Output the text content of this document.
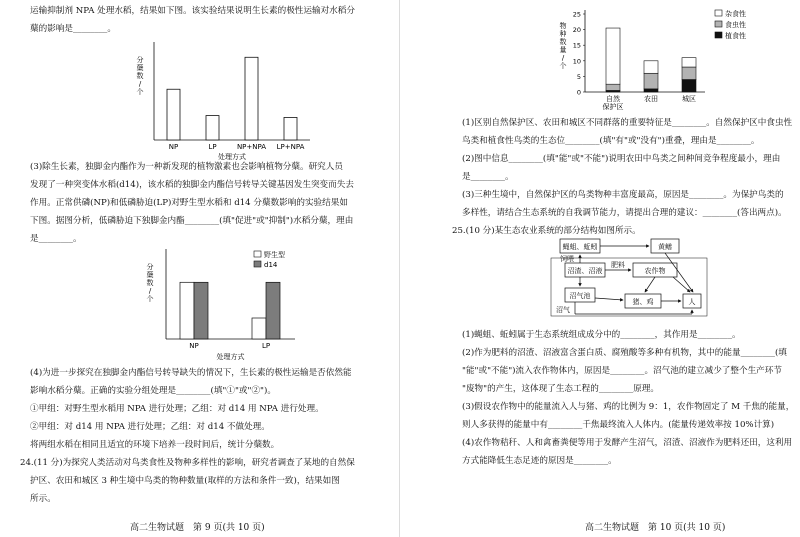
运输抑制剂 NPA 处理水稻，结果如下图。该实验结果说明生长素的极性运输对水稻分
蘖的影响是________。
分
蘖
数
/
个
NP	LP	NP+NPA LP+NPA
处理方式
(3)除生长素，独脚金内酯作为一种新发现的植物激素也会影响植物分蘖。研究人员
发现了一种突变体水稻(d14)，该水稻的独脚金内酯信号转导关键基因发生突变而失去
作用。正常供磷(NP)和低磷胁迫(LP)对野生型水稻和 d14 分蘖数影响的实验结果如
下图。据图分析，低磷胁迫下独脚金内酯________(填"促进"或"抑制")水稻分蘖，理由
是________。
分
蘖
数
/
个
野生型
d14
NP	LP
处理方式
(4)为进一步探究在独脚金内酯信号转导缺失的情况下，生长素的极性运输是否依然能
影响水稻分蘖。正确的实验分组处理是________(填"①"或"②")。
①甲组：对野生型水稻用 NPA 进行处理；乙组：对 d14 用 NPA 进行处理。
②甲组：对 d14 用 NPA 进行处理；乙组：对 d14 不做处理。
将两组水稻在相同且适宜的环境下培养一段时间后，统计分蘖数。
24.(11 分)为探究人类活动对鸟类食性及物种多样性的影响，研究者调查了某地的自然保
护区、农田和城区 3 种生境中鸟类的物种数量(取样的方法和条件一致)，结果如图
所示。
高二生物试题　第 9 页(共 10 页)
0
5
10
15
20
25
物
种
数
量
/
个
杂食性
食虫性
植食性
自然
保护区
农田	城区
(1)区别自然保护区、农田和城区不同群落的重要特征是________。自然保护区中食虫性
鸟类和植食性鸟类的生态位________(填"有"或"没有")重叠，理由是________。
(2)图中信息________(填"能"或"不能")说明农田中鸟类之间种间竞争程度最小，理由
是________。
(3)三种生境中，自然保护区的鸟类物种丰富度最高，原因是________。为保护鸟类的
多样性，请结合生态系统的自我调节能力，请提出合理的建议：________(答出两点)。
25.(10 分)某生态农业系统的部分结构如图所示。
蝇蛆、蚯蚓	黄鳝
沼渣、沼液	农作物
沼气池
猪、鸡	人
饲喂
肥料
沼气
(1)蝇蛆、蚯蚓属于生态系统组成成分中的________，其作用是________。
(2)作为肥料的沼渣、沼液富含蛋白质、腐殖酸等多种有机物，其中的能量________(填
"能"或"不能")流入农作物体内，原因是________。沼气池的建立减少了整个生产环节
"废物"的产生，这体现了生态工程的________原理。
(3)假设农作物中的能量流入人与猪、鸡的比例为 9：1，农作物固定了 M 千焦的能量，
则人多获得的能量中有________千焦最终流入人体内。(能量传递效率按 10%计算)
(4)农作物秸秆、人和禽畜粪便等用于发酵产生沼气，沼渣、沼液作为肥料还田，这利用
方式能降低生态足迹的原因是________。
高二生物试题　第 10 页(共 10 页)
